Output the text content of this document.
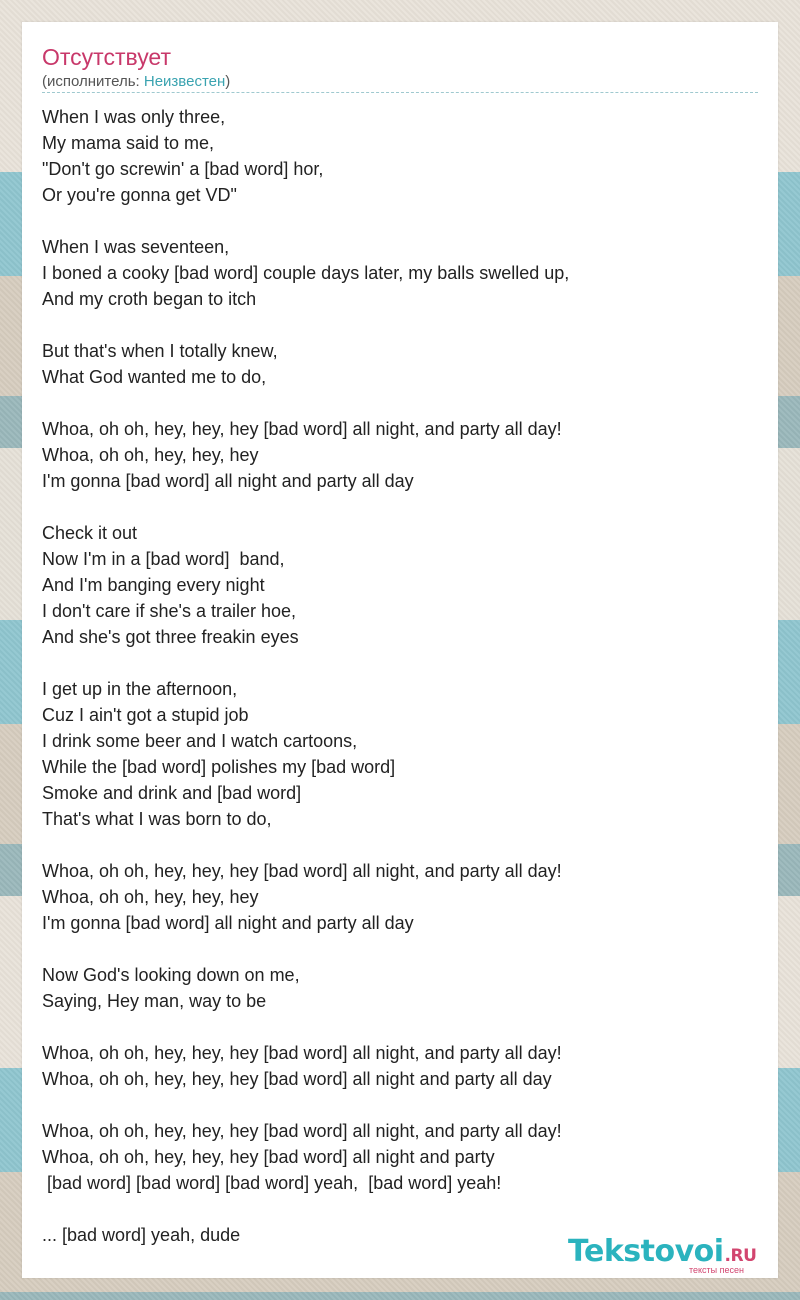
Отсутствует
(исполнитель: Неизвестен)
When I was only three,
My mama said to me,
"Don't go screwin' a [bad word] hor,
Or you're gonna get VD"
When I was seventeen,
I boned a cooky [bad word] couple days later, my balls swelled up,
And my croth began to itch
But that's when I totally knew,
What God wanted me to do,
Whoa, oh oh, hey, hey, hey [bad word] all night, and party all day!
Whoa, oh oh, hey, hey, hey
I'm gonna [bad word] all night and party all day
Check it out
Now I'm in a [bad word]  band,
And I'm banging every night
I don't care if she's a trailer hoe,
And she's got three freakin eyes
I get up in the afternoon,
Cuz I ain't got a stupid job
I drink some beer and I watch cartoons,
While the [bad word] polishes my [bad word]
Smoke and drink and [bad word]
That's what I was born to do,
Whoa, oh oh, hey, hey, hey [bad word] all night, and party all day!
Whoa, oh oh, hey, hey, hey
I'm gonna [bad word] all night and party all day
Now God's looking down on me,
Saying, Hey man, way to be
Whoa, oh oh, hey, hey, hey [bad word] all night, and party all day!
Whoa, oh oh, hey, hey, hey [bad word] all night and party all day
Whoa, oh oh, hey, hey, hey [bad word] all night, and party all day!
Whoa, oh oh, hey, hey, hey [bad word] all night and party
[bad word] [bad word] [bad word] yeah,  [bad word] yeah!
... [bad word] yeah, dude	Tekstovoi.RU
тексты песен
